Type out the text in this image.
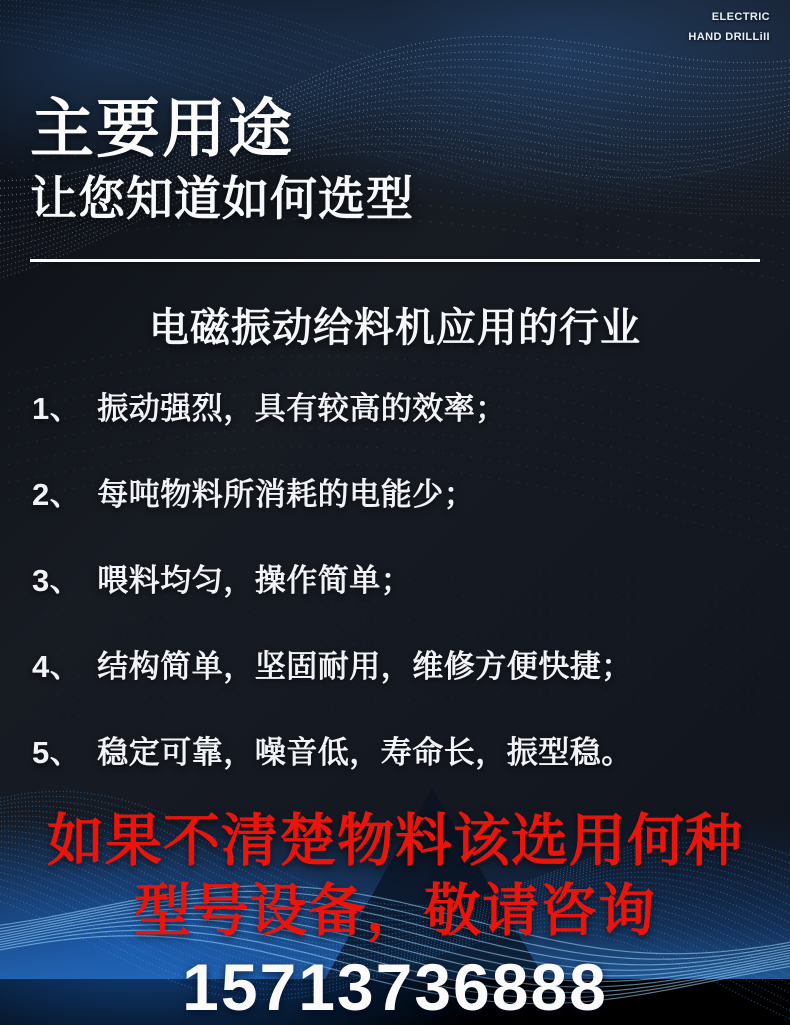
主要用途
让您知道如何选型
ELECTRIC
HAND DRILLiII
电磁振动给料机应用的行业
1、 振动强烈，具有较高的效率；
2、 每吨物料所消耗的电能少；
3、 喂料均匀，操作简单；
4、 结构简单，坚固耐用，维修方便快捷；
5、 稳定可靠，噪音低，寿命长，振型稳。
如果不清楚物料该选用何种
型号设备，敬请咨询
15713736888
